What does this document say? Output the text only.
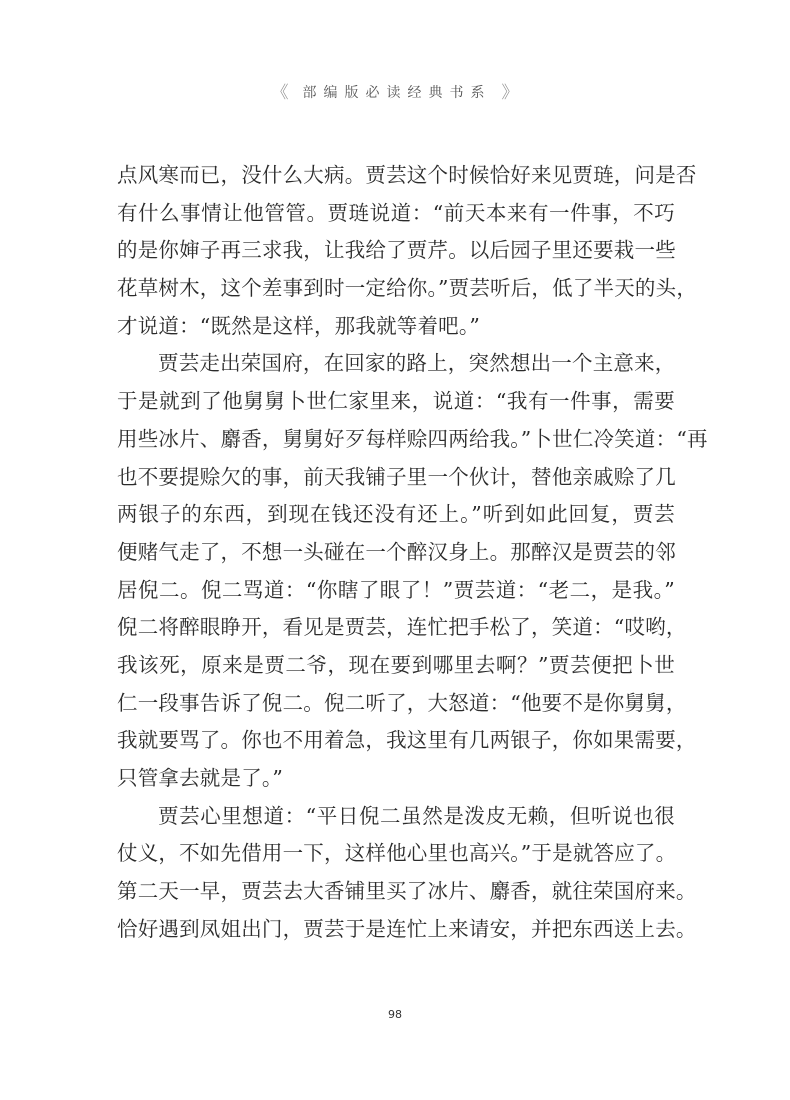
《 部编版必读经典书系 》
点风寒而已，没什么大病。贾芸这个时候恰好来见贾琏，问是否
有什么事情让他管管。贾琏说道：“前天本来有一件事，不巧
的是你婶子再三求我，让我给了贾芹。以后园子里还要栽一些
花草树木，这个差事到时一定给你。”贾芸听后，低了半天的头，
才说道：“既然是这样，那我就等着吧。”
贾芸走出荣国府，在回家的路上，突然想出一个主意来，
于是就到了他舅舅卜世仁家里来，说道：“我有一件事，需要
用些冰片、麝香，舅舅好歹每样赊四两给我。”卜世仁冷笑道：“再
也不要提赊欠的事，前天我铺子里一个伙计，替他亲戚赊了几
两银子的东西，到现在钱还没有还上。”听到如此回复，贾芸
便赌气走了，不想一头碰在一个醉汉身上。那醉汉是贾芸的邻
居倪二。倪二骂道：“你瞎了眼了！”贾芸道：“老二，是我。”
倪二将醉眼睁开，看见是贾芸，连忙把手松了，笑道：“哎哟，
我该死，原来是贾二爷，现在要到哪里去啊？”贾芸便把卜世
仁一段事告诉了倪二。倪二听了，大怒道：“他要不是你舅舅，
我就要骂了。你也不用着急，我这里有几两银子，你如果需要，
只管拿去就是了。”
贾芸心里想道：“平日倪二虽然是泼皮无赖，但听说也很
仗义，不如先借用一下，这样他心里也高兴。”于是就答应了。
第二天一早，贾芸去大香铺里买了冰片、麝香，就往荣国府来。
恰好遇到凤姐出门，贾芸于是连忙上来请安，并把东西送上去。
98
